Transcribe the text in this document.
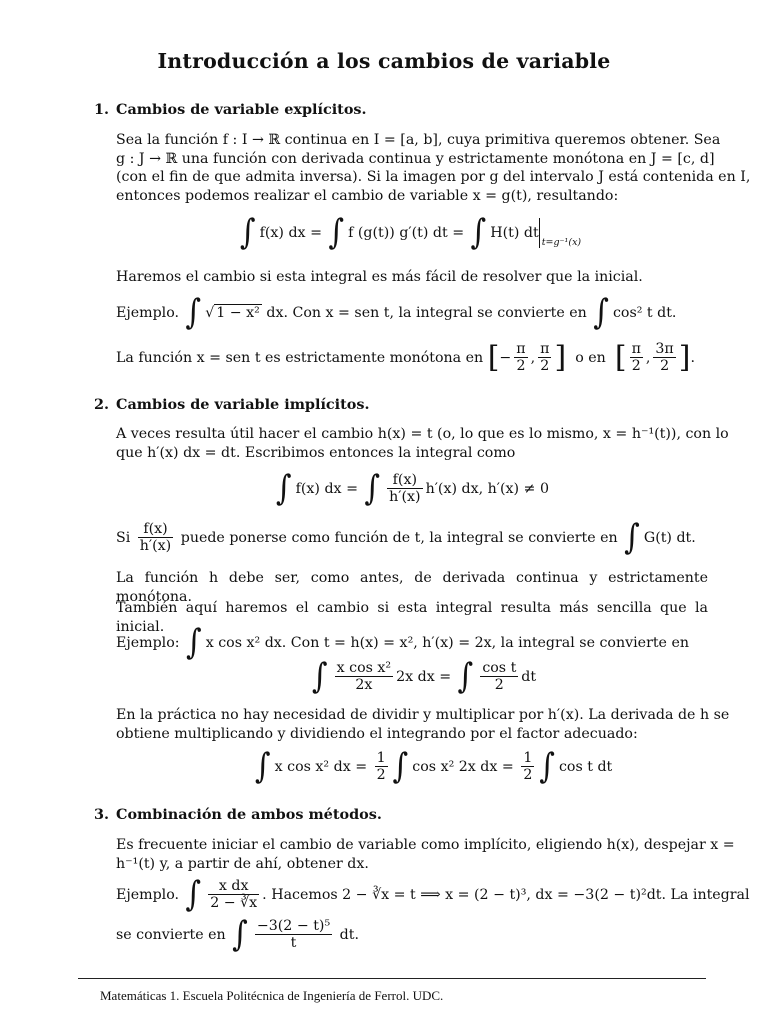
Introducción a los cambios de variable
1. Cambios de variable explícitos.
Sea la función f : I → ℝ continua en I = [a, b], cuya primitiva queremos obtener. Sea
g : J → ℝ una función con derivada continua y estrictamente monótona en J = [c, d]
(con el fin de que admita inversa). Si la imagen por g del intervalo J está contenida en I,
entonces podemos realizar el cambio de variable x = g(t), resultando:
∫ f(x) dx = ∫ f (g(t)) g′(t) dt = ∫ H(t) $dt_{t=g^{-1}(x)}$
Haremos el cambio si esta integral es más fácil de resolver que la inicial.
Ejemplo. ∫ √ 1 − x² dx. Con x = sen t, la integral se convierte en ∫ cos² t dt.
La función x = sen t es estrictamente monótona en [− $\frac{\pi}{2}$ , $\frac{\pi}{2}$ ] o en [ $\frac{\pi}{2}$ , $\frac{3\pi}{2}$ ].
2. Cambios de variable implícitos.
A veces resulta útil hacer el cambio h(x) = t (o, lo que es lo mismo, x = h⁻¹(t)), con lo
que h′(x) dx = dt. Escribimos entonces la integral como
∫ f(x) dx = ∫ $\frac{f(x)}{h'(x)} h'(x)$ dx, h′(x) ≠ 0
Si $\frac{f(x)}{h'(x)}$ puede ponerse como función de t, la integral se convierte en ∫ G(t) dt.
La función h debe ser, como antes, de derivada continua y estrictamente monótona.
También aquí haremos el cambio si esta integral resulta más sencilla que la inicial.
Ejemplo: ∫ x cos x² dx. Con t = h(x) = x², h′(x) = 2x, la integral se convierte en
∫ $\frac{\text{x cos x²}}{2x} 2x$ dx = ∫ $\frac{\text{cos t}}{2}$ dt
En la práctica no hay necesidad de dividir y multiplicar por h′(x). La derivada de h se
obtiene multiplicando y dividiendo el integrando por el factor adecuado:
∫ x cos x² dx = $\frac{1}{2}$ ∫ cos x² 2x dx = $\frac{1}{2}$ ∫ cos t dt
3. Combinación de ambos métodos.
Es frecuente iniciar el cambio de variable como implícito, eligiendo h(x), despejar x =
h⁻¹(t) y, a partir de ahí, obtener dx.
Ejemplo. ∫ $\frac{\text{x dx}}{2 - ∛x}$ . Hacemos 2 − ∛x = t ⟹ x = (2 − t)³, dx = −3(2 − t)²dt. La integral
se convierte en ∫ $\frac{\text{−3(2 − t)⁵}}{t}$ dt.
Matemáticas 1. Escuela Politécnica de Ingeniería de Ferrol. UDC.
